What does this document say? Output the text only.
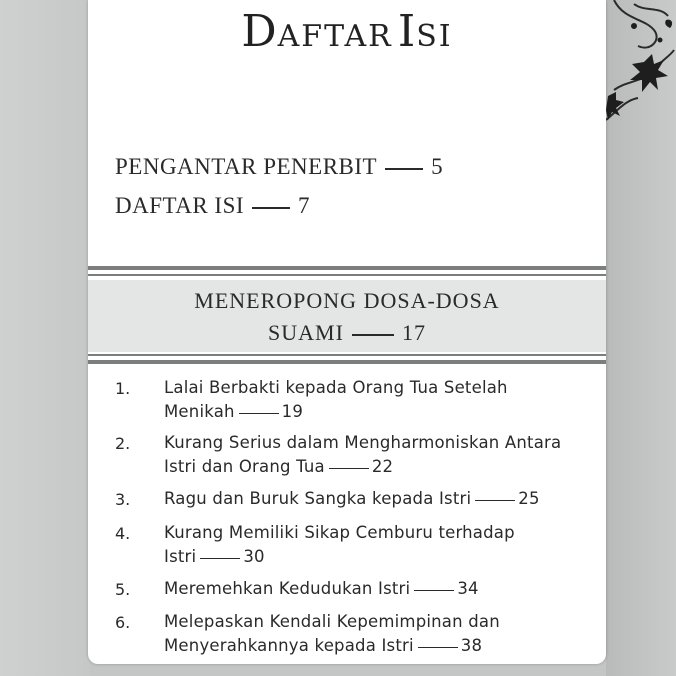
DAFTAR ISI
PENGANTAR PENERBIT 5
DAFTAR ISI 7
MENEROPONG DOSA-DOSA
SUAMI	17
1. Lalai Berbakti kepada Orang Tua Setelah
Menikah	19
2. Kurang Serius dalam Mengharmoniskan Antara
Istri dan Orang Tua	22
3. Ragu dan Buruk Sangka kepada Istri	25
4. Kurang Memiliki Sikap Cemburu terhadap
Istri	30
5. Meremehkan Kedudukan Istri	34
6. Melepaskan Kendali Kepemimpinan dan
Menyerahkannya kepada Istri	38
